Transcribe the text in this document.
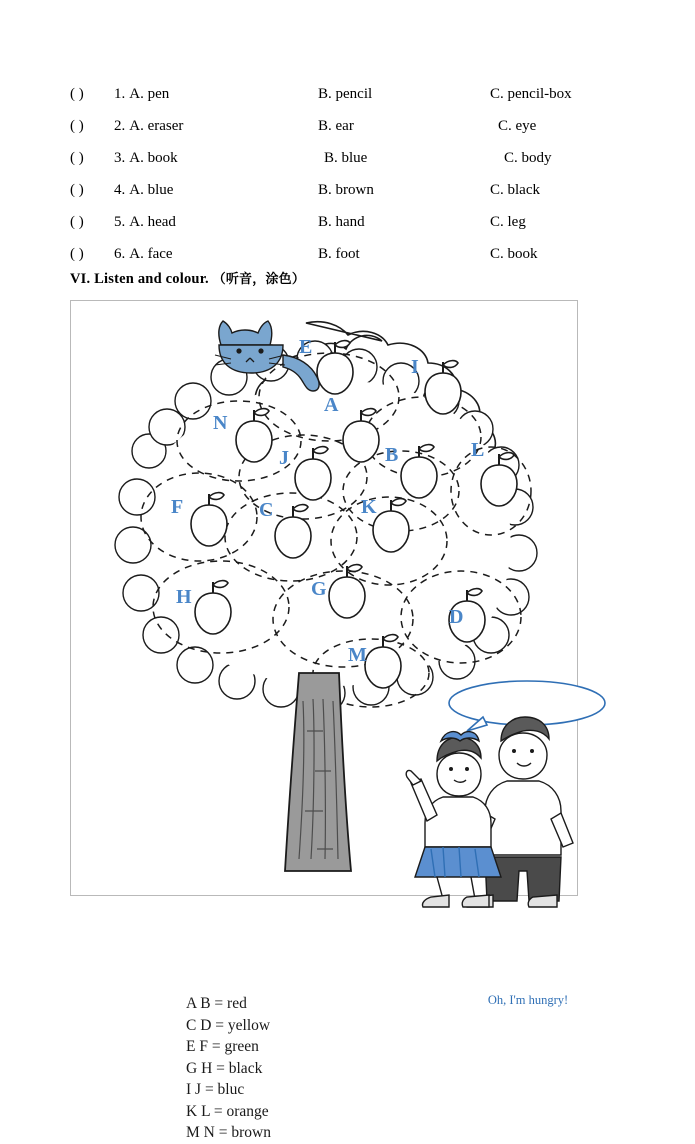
( ) 1. A. pen	B. pencil	C. pencil-box
( ) 2. A. eraser	B. ear	C. eye
( ) 3. A. book	B. blue	C. body
( ) 4. A. blue	B. brown	C. black
( ) 5. A. head	B. hand	C. leg
( ) 6. A. face	B. foot	C. book
VI. Listen and colour. （听音，涂色）
E
I
N
A
J	B	L
F	C	K
H	G
D
M
A B = red
C D = yellow
E F = green
G H = black
I J = bluc
K L = orange
M N = brown
Oh, I'm hungry!
